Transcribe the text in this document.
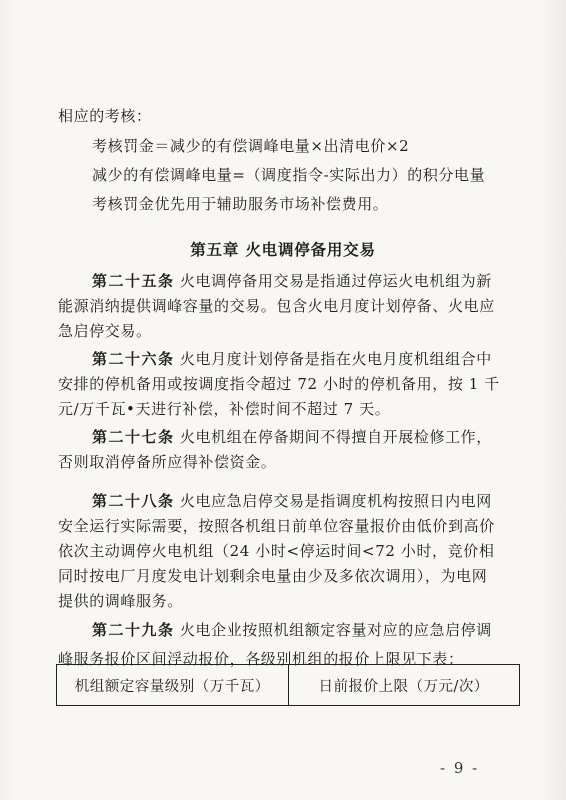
相应的考核：
考核罚金＝减少的有偿调峰电量×出清电价×2
减少的有偿调峰电量=（调度指令-实际出力）的积分电量
考核罚金优先用于辅助服务市场补偿费用。
第五章 火电调停备用交易
第二十五条 火电调停备用交易是指通过停运火电机组为新
能源消纳提供调峰容量的交易。包含火电月度计划停备、火电应
急启停交易。
第二十六条 火电月度计划停备是指在火电月度机组组合中
安排的停机备用或按调度指令超过 72 小时的停机备用，按 1 千
元/万千瓦•天进行补偿，补偿时间不超过 7 天。
第二十七条 火电机组在停备期间不得擅自开展检修工作，
否则取消停备所应得补偿资金。
第二十八条 火电应急启停交易是指调度机构按照日内电网
安全运行实际需要，按照各机组日前单位容量报价由低价到高价
依次主动调停火电机组（24 小时<停运时间<72 小时，竞价相
同时按电厂月度发电计划剩余电量由少及多依次调用），为电网
提供的调峰服务。
第二十九条 火电企业按照机组额定容量对应的应急启停调
峰服务报价区间浮动报价，各级别机组的报价上限见下表：
机组额定容量级别（万千瓦）	日前报价上限（万元/次）
- 9 -
